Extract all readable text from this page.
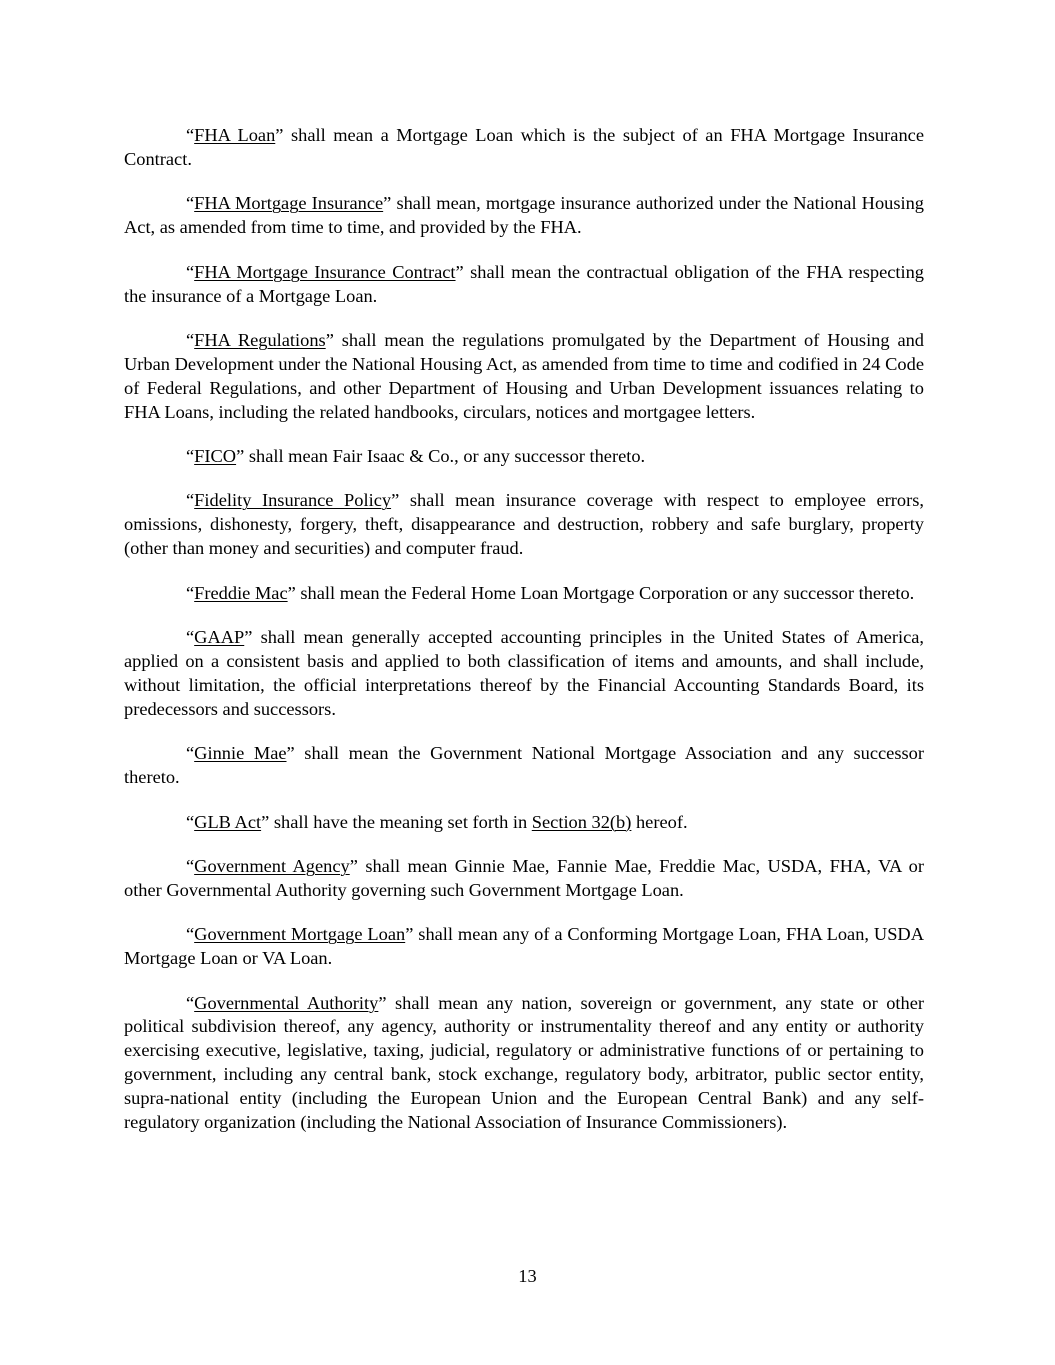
“FHA Loan” shall mean a Mortgage Loan which is the subject of an FHA Mortgage Insurance Contract.

“FHA Mortgage Insurance” shall mean, mortgage insurance authorized under the National Housing Act, as amended from time to time, and provided by the FHA.

“FHA Mortgage Insurance Contract” shall mean the contractual obligation of the FHA respecting the insurance of a Mortgage Loan.

“FHA Regulations” shall mean the regulations promulgated by the Department of Housing and Urban Development under the National Housing Act, as amended from time to time and codified in 24 Code of Federal Regulations, and other Department of Housing and Urban Development issuances relating to FHA Loans, including the related handbooks, circulars, notices and mortgagee letters.

“FICO” shall mean Fair Isaac & Co., or any successor thereto.

“Fidelity Insurance Policy” shall mean insurance coverage with respect to employee errors, omissions, dishonesty, forgery, theft, disappearance and destruction, robbery and safe burglary, property (other than money and securities) and computer fraud.

“Freddie Mac” shall mean the Federal Home Loan Mortgage Corporation or any successor thereto.

“GAAP” shall mean generally accepted accounting principles in the United States of America, applied on a consistent basis and applied to both classification of items and amounts, and shall include, without limitation, the official interpretations thereof by the Financial Accounting Standards Board, its predecessors and successors.

“Ginnie Mae” shall mean the Government National Mortgage Association and any successor thereto.

“GLB Act” shall have the meaning set forth in Section 32(b) hereof.

“Government Agency” shall mean Ginnie Mae, Fannie Mae, Freddie Mac, USDA, FHA, VA or other Governmental Authority governing such Government Mortgage Loan.

“Government Mortgage Loan” shall mean any of a Conforming Mortgage Loan, FHA Loan, USDA Mortgage Loan or VA Loan.

“Governmental Authority” shall mean any nation, sovereign or government, any state or other political subdivision thereof, any agency, authority or instrumentality thereof and any entity or authority exercising executive, legislative, taxing, judicial, regulatory or administrative functions of or pertaining to government, including any central bank, stock exchange, regulatory body, arbitrator, public sector entity, supra-national entity (including the European Union and the European Central Bank) and any self-regulatory organization (including the National Association of Insurance Commissioners).

13
